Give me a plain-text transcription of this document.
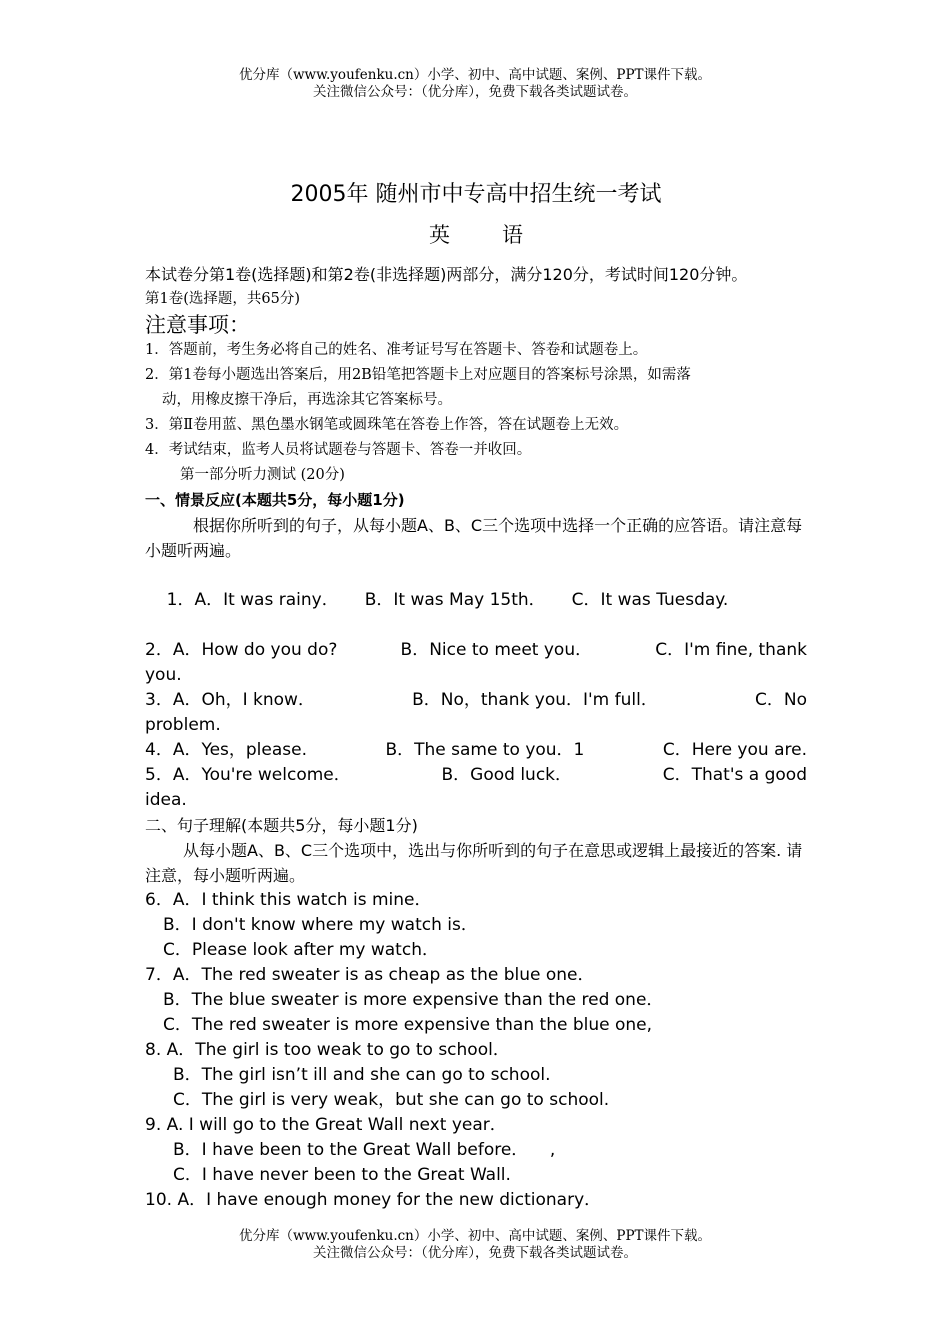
优分库（www.youfenku.cn）小学、初中、高中试题、案例、PPT课件下载。
关注微信公众号：（优分库），免费下载各类试题试卷。
2005年 随州市中专高中招生统一考试
英 语
本试卷分第1卷(选择题)和第2卷(非选择题)两部分，满分120分，考试时间120分钟。
第1卷(选择题，共65分)
注意事项：
1．答题前，考生务必将自己的姓名、准考证号写在答题卡、答卷和试题卷上。
2．第1卷每小题选出答案后，用2B铅笔把答题卡上对应题目的答案标号涂黑，如需落
动，用橡皮擦干净后，再选涂其它答案标号。
3．第Ⅱ卷用蓝、黑色墨水钢笔或圆珠笔在答卷上作答，答在试题卷上无效。
4．考试结束，监考人员将试题卷与答题卡、答卷一并收回。
第一部分听力测试 (20分)
一、情景反应(本题共5分，每小题1分)
根据你所听到的句子，从每小题A、B、C三个选项中选择一个正确的应答语。请注意每小题听两遍。

1．A．It was rainy． B．It was May 15th． C．It was Tuesday.

2．A．How do you do?	B．Nice to meet you．	C．I'm fine, thank
you.
3．A．Oh，I know．	B．No，thank you．I'm full．	C．No
problem.
4．A．Yes，please.	B．The same to you．1	C．Here you are.
5．A．You're welcome．	B．Good luck．	C．That's a good
idea.
二、句子理解(本题共5分，每小题1分)
从每小题A、B、C三个选项中，选出与你所听到的句子在意思或逻辑上最接近的答案. 请注意，每小题听两遍。
6．A．I think this watch is mine．
B．I don't know where my watch is．
C．Please look after my watch．
7．A．The red sweater is as cheap as the blue one．
B．The blue sweater is more expensive than the red one．
C．The red sweater is more expensive than the blue one,
8. A．The girl is too weak to go to school．
B．The girl isn’t ill and she can go to school.
C．The girl is very weak，but she can go to school.
9. A. I will go to the Great Wall next year．
B．I have been to the Great Wall before．    ,
C．I have never been to the Great Wall.
10. A．I have enough money for the new dictionary．
优分库（www.youfenku.cn）小学、初中、高中试题、案例、PPT课件下载。
关注微信公众号：（优分库），免费下载各类试题试卷。
